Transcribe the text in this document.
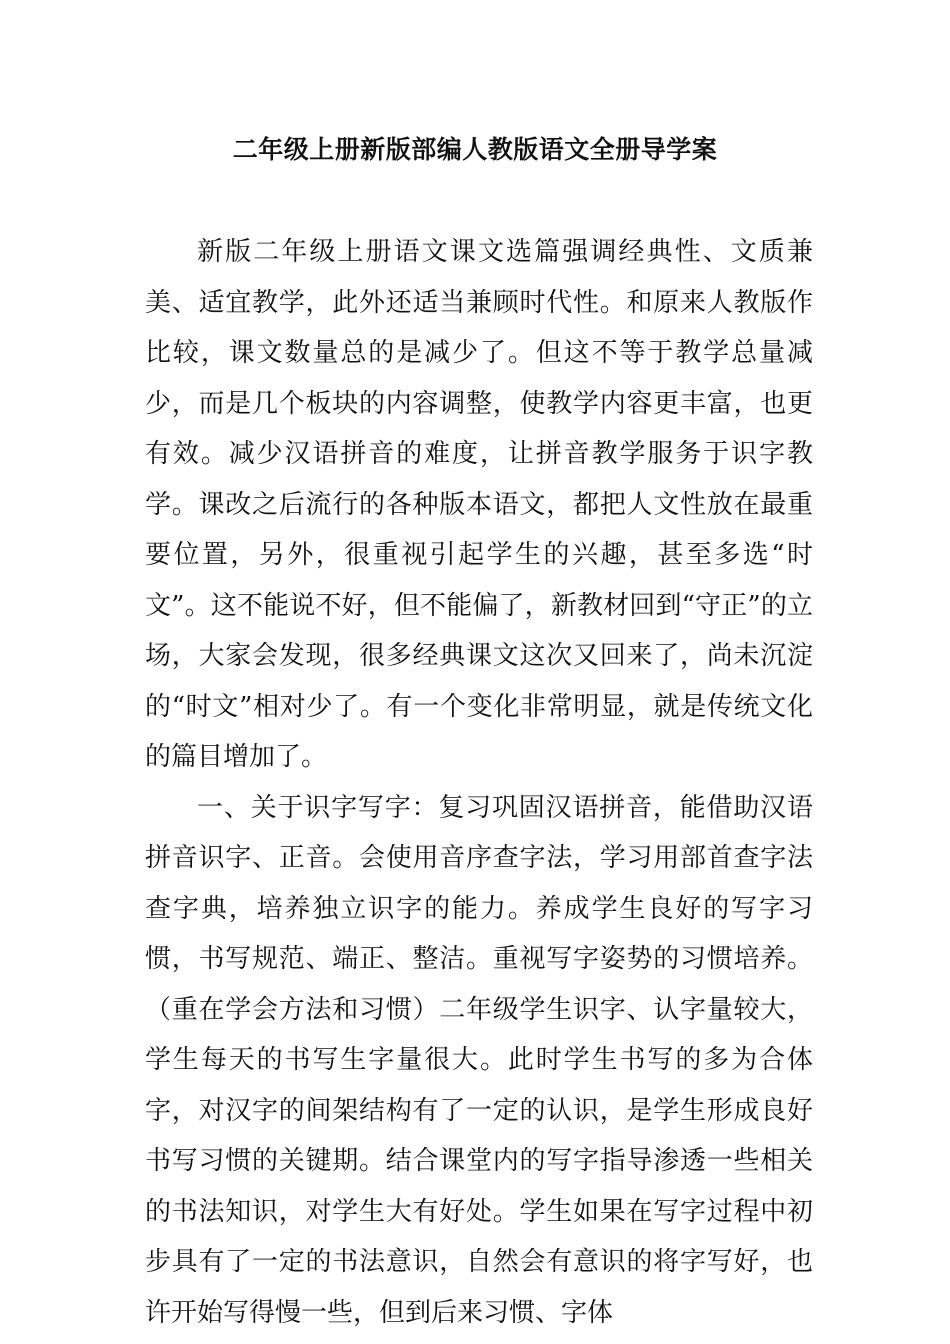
二年级上册新版部编人教版语文全册导学案

新版二年级上册语文课文选篇强调经典性、文质兼美、适宜教学，此外还适当兼顾时代性。和原来人教版作比较，课文数量总的是减少了。但这不等于教学总量减少，而是几个板块的内容调整，使教学内容更丰富，也更有效。减少汉语拼音的难度，让拼音教学服务于识字教学。课改之后流行的各种版本语文，都把人文性放在最重要位置，另外，很重视引起学生的兴趣，甚至多选“时文”。这不能说不好，但不能偏了，新教材回到“守正”的立场，大家会发现，很多经典课文这次又回来了，尚未沉淀的“时文”相对少了。有一个变化非常明显，就是传统文化的篇目增加了。

一、关于识字写字：复习巩固汉语拼音，能借助汉语拼音识字、正音。会使用音序查字法，学习用部首查字法查字典，培养独立识字的能力。养成学生良好的写字习惯，书写规范、端正、整洁。重视写字姿势的习惯培养。（重在学会方法和习惯）二年级学生识字、认字量较大，学生每天的书写生字量很大。此时学生书写的多为合体字，对汉字的间架结构有了一定的认识，是学生形成良好书写习惯的关键期。结合课堂内的写字指导渗透一些相关的书法知识，对学生大有好处。学生如果在写字过程中初步具有了一定的书法意识，自然会有意识的将字写好，也许开始写得慢一些，但到后来习惯、字体
